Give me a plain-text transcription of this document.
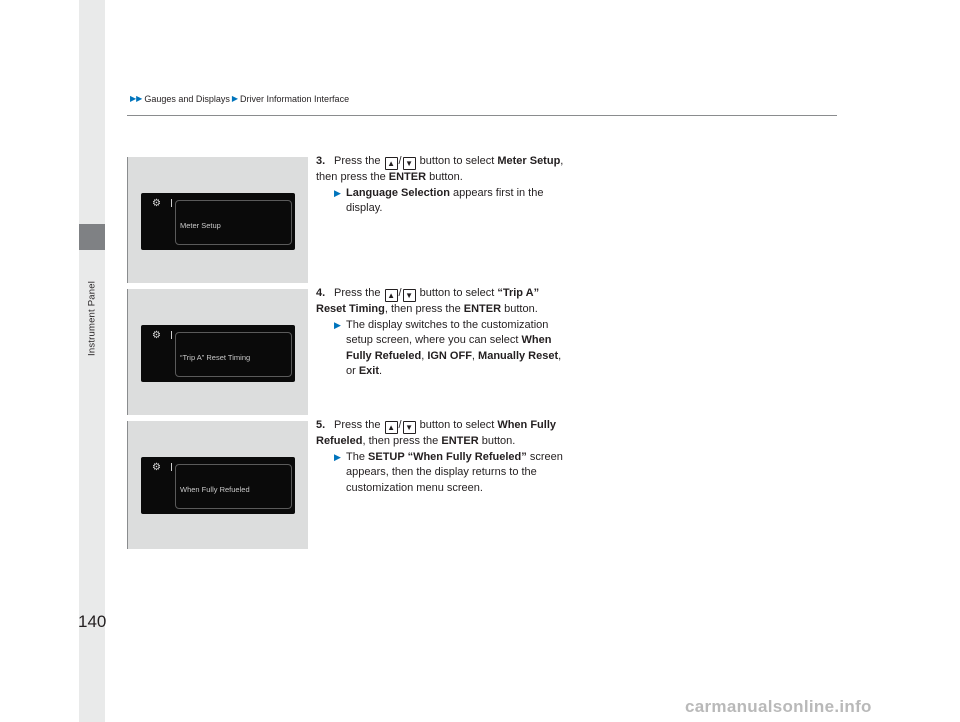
Instrument Panel
▶▶ Gauges and Displays ▶ Driver Information Interface
⚙
Meter Setup
⚙
“Trip A” Reset Timing
⚙
When Fully Refueled

3. Press the ▲ / ▼ button to select Meter Setup, then press the ENTER button.

▶ Language Selection appears first in the display.

4. Press the ▲ / ▼ button to select “Trip A” Reset Timing, then press the ENTER button.

▶ The display switches to the customization setup screen, where you can select When Fully Refueled, IGN OFF, Manually Reset, or Exit.

5. Press the ▲ / ▼ button to select When Fully Refueled, then press the ENTER button.

▶ The SETUP “When Fully Refueled” screen appears, then the display returns to the customization menu screen.
140
carmanualsonline.info
